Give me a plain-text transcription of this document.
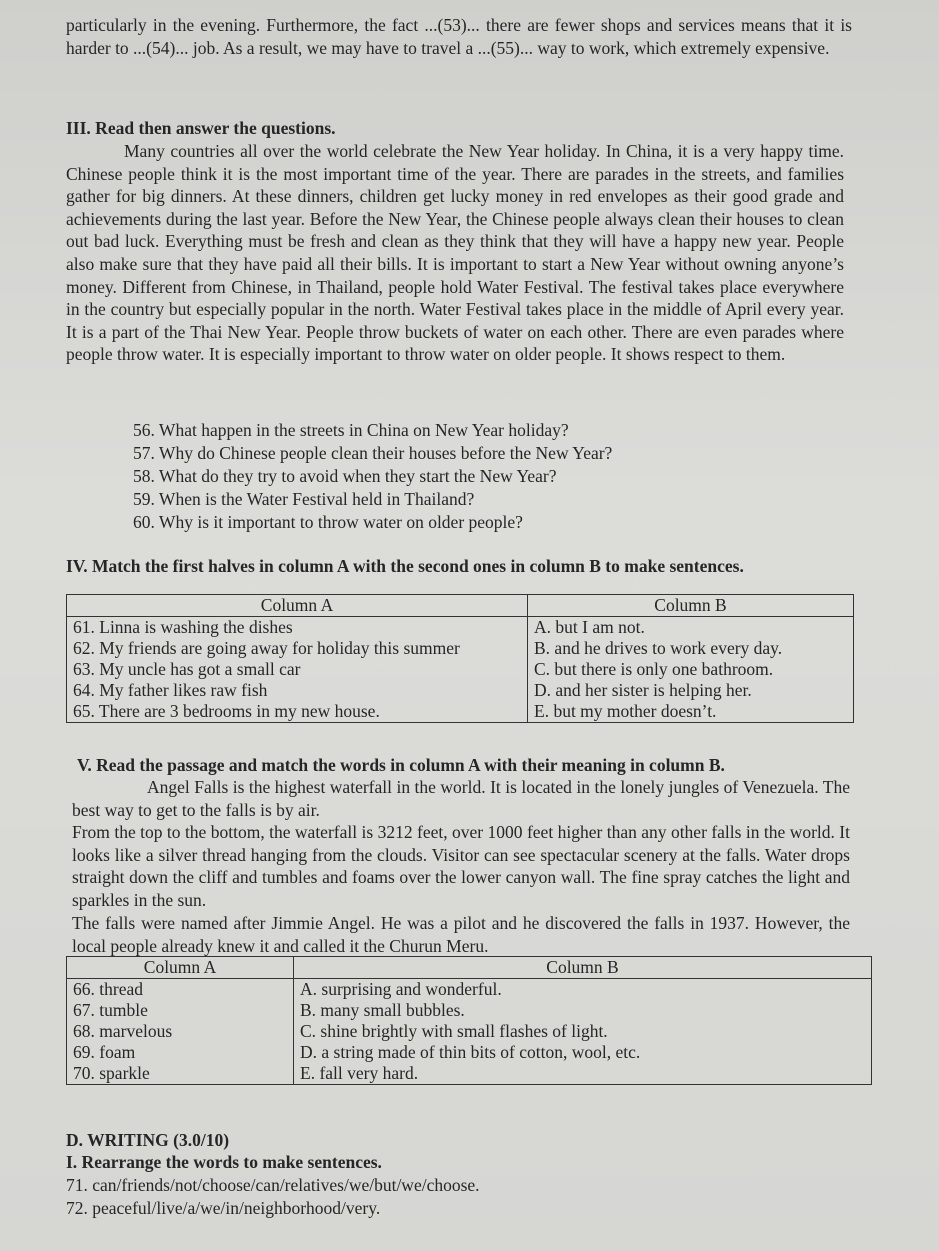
particularly in the evening. Furthermore, the fact ...(53)... there are fewer shops and services means that it is harder to ...(54)... job. As a result, we may have to travel a ...(55)... way to work, which extremely expensive.

III. Read then answer the questions.

Many countries all over the world celebrate the New Year holiday. In China, it is a very happy time. Chinese people think it is the most important time of the year. There are parades in the streets, and families gather for big dinners. At these dinners, children get lucky money in red envelopes as their good grade and achievements during the last year. Before the New Year, the Chinese people always clean their houses to clean out bad luck. Everything must be fresh and clean as they think that they will have a happy new year. People also make sure that they have paid all their bills. It is important to start a New Year without owning anyone’s money. Different from Chinese, in Thailand, people hold Water Festival. The festival takes place everywhere in the country but especially popular in the north. Water Festival takes place in the middle of April every year. It is a part of the Thai New Year. People throw buckets of water on each other. There are even parades where people throw water. It is especially important to throw water on older people. It shows respect to them.

56. What happen in the streets in China on New Year holiday?

57. Why do Chinese people clean their houses before the New Year?

58. What do they try to avoid when they start the New Year?

59. When is the Water Festival held in Thailand?

60. Why is it important to throw water on older people?

IV. Match the first halves in column A with the second ones in column B to make sentences.

Column A	Column B
61. Linna is washing the dishes	A. but I am not.
62. My friends are going away for holiday this summer	B. and he drives to work every day.
63. My uncle has got a small car	C. but there is only one bathroom.
64. My father likes raw fish	D. and her sister is helping her.
65. There are 3 bedrooms in my new house.	E. but my mother doesn’t.

V. Read the passage and match the words in column A with their meaning in column B.

Angel Falls is the highest waterfall in the world. It is located in the lonely jungles of Venezuela. The best way to get to the falls is by air.

From the top to the bottom, the waterfall is 3212 feet, over 1000 feet higher than any other falls in the world. It looks like a silver thread hanging from the clouds. Visitor can see spectacular scenery at the falls. Water drops straight down the cliff and tumbles and foams over the lower canyon wall. The fine spray catches the light and sparkles in the sun.

The falls were named after Jimmie Angel. He was a pilot and he discovered the falls in 1937. However, the local people already knew it and called it the Churun Meru.

Column A	Column B
66. thread	A. surprising and wonderful.
67. tumble	B. many small bubbles.
68. marvelous	C. shine brightly with small flashes of light.
69. foam	D. a string made of thin bits of cotton, wool, etc.
70. sparkle	E. fall very hard.

D. WRITING (3.0/10)

I. Rearrange the words to make sentences.

71. can/friends/not/choose/can/relatives/we/but/we/choose.

72. peaceful/live/a/we/in/neighborhood/very.
